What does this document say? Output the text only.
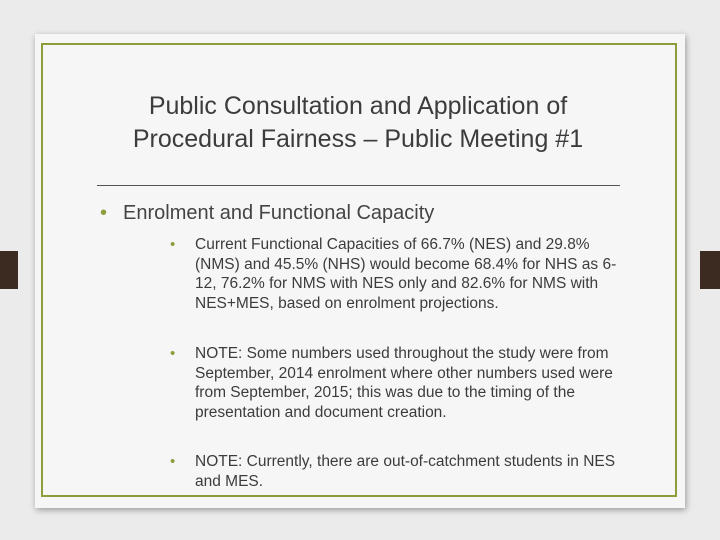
Public Consultation and Application of
Procedural Fairness – Public Meeting #1
• Enrolment and Functional Capacity
• Current Functional Capacities of 66.7% (NES) and 29.8% (NMS) and 45.5% (NHS) would become 68.4% for NHS as 6-12, 76.2% for NMS with NES only and 82.6% for NMS with NES+MES, based on enrolment projections.
• NOTE: Some numbers used throughout the study were from September, 2014 enrolment where other numbers used were from September, 2015; this was due to the timing of the presentation and document creation.
• NOTE: Currently, there are out-of-catchment students in NES and MES.
